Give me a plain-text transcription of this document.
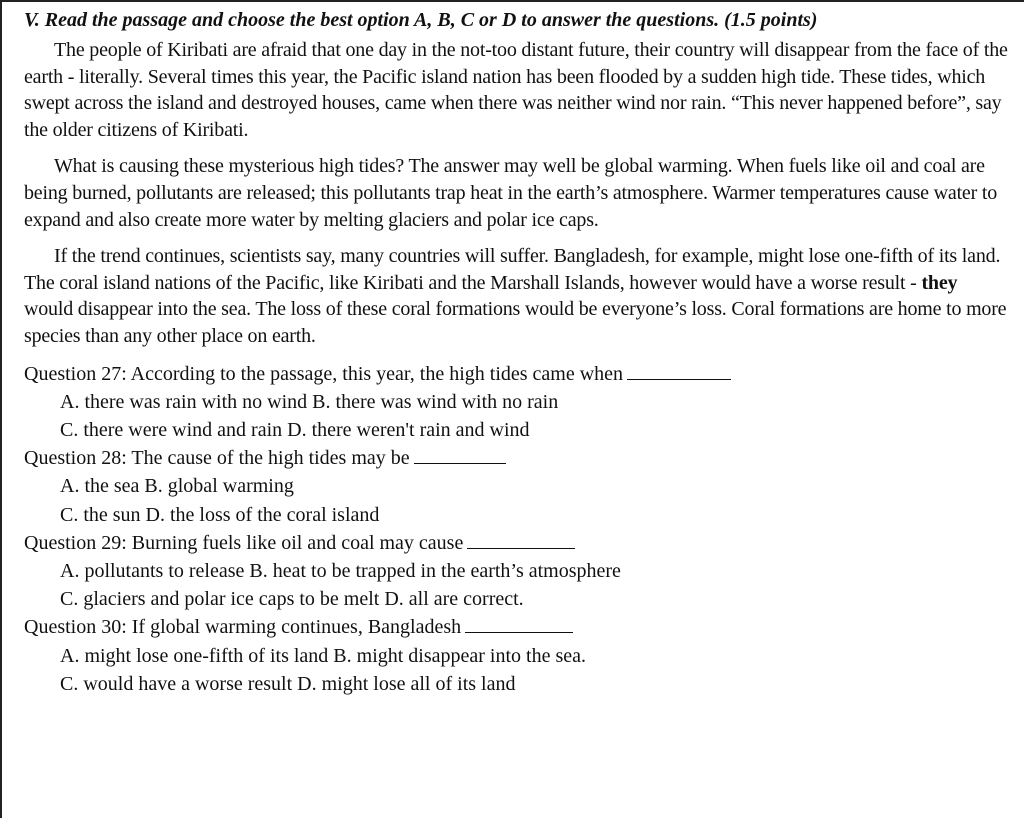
V. Read the passage and choose the best option A, B, C or D to answer the questions. (1.5 points)

The people of Kiribati are afraid that one day in the not-too distant future, their country will disappear from the face of the earth - literally. Several times this year, the Pacific island nation has been flooded by a sudden high tide. These tides, which swept across the island and destroyed houses, came when there was neither wind nor rain. “This never happened before”, say the older citizens of Kiribati.

What is causing these mysterious high tides? The answer may well be global warming. When fuels like oil and coal are being burned, pollutants are released; this pollutants trap heat in the earth’s atmosphere. Warmer temperatures cause water to expand and also create more water by melting glaciers and polar ice caps.

If the trend continues, scientists say, many countries will suffer. Bangladesh, for example, might lose one-fifth of its land. The coral island nations of the Pacific, like Kiribati and the Marshall Islands, however would have a worse result - they would disappear into the sea. The loss of these coral formations would be everyone’s loss. Coral formations are home to more species than any other place on earth.

Question 27: According to the passage, this year, the high tides came when

A. there was rain with no wind B. there was wind with no rain

C. there were wind and rain D. there weren't rain and wind

Question 28: The cause of the high tides may be

A. the sea B. global warming

C. the sun D. the loss of the coral island

Question 29: Burning fuels like oil and coal may cause

A. pollutants to release B. heat to be trapped in the earth’s atmosphere

C. glaciers and polar ice caps to be melt D. all are correct.

Question 30: If global warming continues, Bangladesh

A. might lose one-fifth of its land B. might disappear into the sea.

C. would have a worse result D. might lose all of its land
